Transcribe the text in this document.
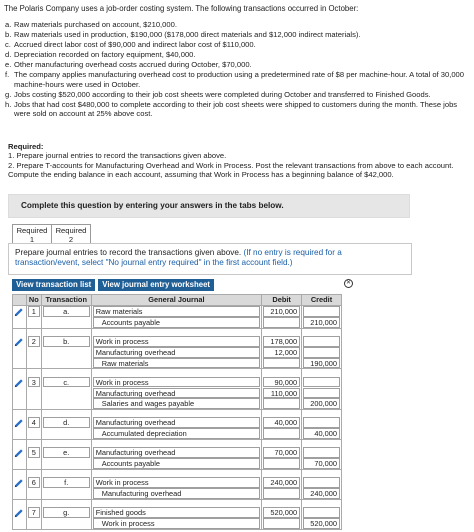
The Polaris Company uses a job-order costing system. The following transactions occurred in October:
a. Raw materials purchased on account, $210,000.
b. Raw materials used in production, $190,000 ($178,000 direct materials and $12,000 indirect materials).
c. Accrued direct labor cost of $90,000 and indirect labor cost of $110,000.
d. Depreciation recorded on factory equipment, $40,000.
e. Other manufacturing overhead costs accrued during October, $70,000.
f. The company applies manufacturing overhead cost to production using a predetermined rate of $8 per machine-hour. A total of 30,000 machine-hours were used in October.
g. Jobs costing $520,000 according to their job cost sheets were completed during October and transferred to Finished Goods.
h. Jobs that had cost $480,000 to complete according to their job cost sheets were shipped to customers during the month. These jobs were sold on account at 25% above cost.
Required:
1. Prepare journal entries to record the transactions given above.
2. Prepare T-accounts for Manufacturing Overhead and Work in Process. Post the relevant transactions from above to each account. Compute the ending balance in each account, assuming that Work in Process has a beginning balance of $42,000.
Complete this question by entering your answers in the tabs below.
Required
1
Required
2
Prepare journal entries to record the transactions given above. (If no entry is required for a transaction/event, select "No journal entry required" in the first account field.)
View transaction list	View journal entry worksheet	✕
	No	Transaction	General Journal	Debit	Credit

1	a.	Raw materials	210,000	

			Accounts payable		210,000

2	b.	Work in process	178,000	

			Manufacturing overhead	12,000	

			Raw materials		190,000

3	c.	Work in process	90,000	

			Manufacturing overhead	110,000	

			Salaries and wages payable		200,000

4	d.	Manufacturing overhead	40,000	

			Accumulated depreciation		40,000

5	e.	Manufacturing overhead	70,000	

			Accounts payable		70,000

6	f.	Work in process	240,000	

			Manufacturing overhead		240,000

7	g.	Finished goods	520,000	

			Work in process		520,000
